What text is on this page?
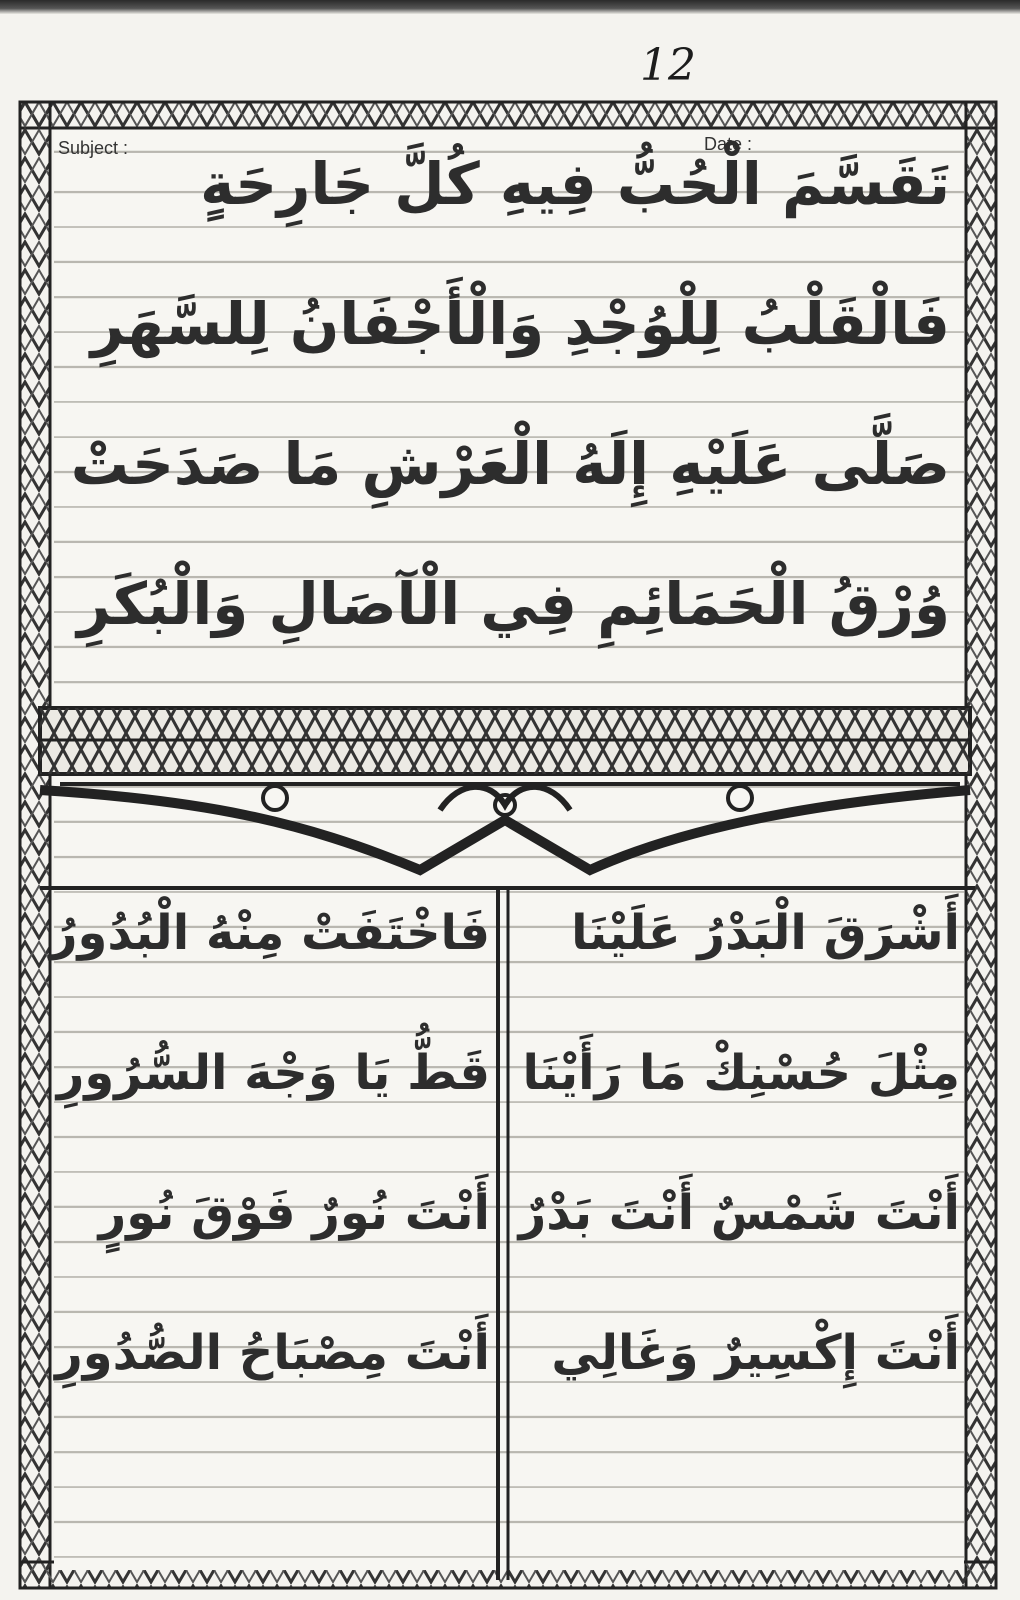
12
Subject :	Date :
تَقَسَّمَ الْحُبُّ فِيهِ كُلَّ جَارِحَةٍ
فَالْقَلْبُ لِلْوُجْدِ وَالْأَجْفَانُ لِلسَّهَرِ
صَلَّى عَلَيْهِ إِلَهُ الْعَرْشِ مَا صَدَحَتْ
وُرْقُ الْحَمَائِمِ فِي الْآصَالِ وَالْبُكَرِ
أَشْرَقَ الْبَدْرُ عَلَيْنَا
فَاخْتَفَتْ مِنْهُ الْبُدُورُ
مِثْلَ حُسْنِكْ مَا رَأَيْنَا
قَطُّ يَا وَجْهَ السُّرُورِ
أَنْتَ شَمْسٌ أَنْتَ بَدْرٌ
أَنْتَ نُورٌ فَوْقَ نُورٍ
أَنْتَ إِكْسِيرٌ وَغَالِي
أَنْتَ مِصْبَاحُ الصُّدُورِ
